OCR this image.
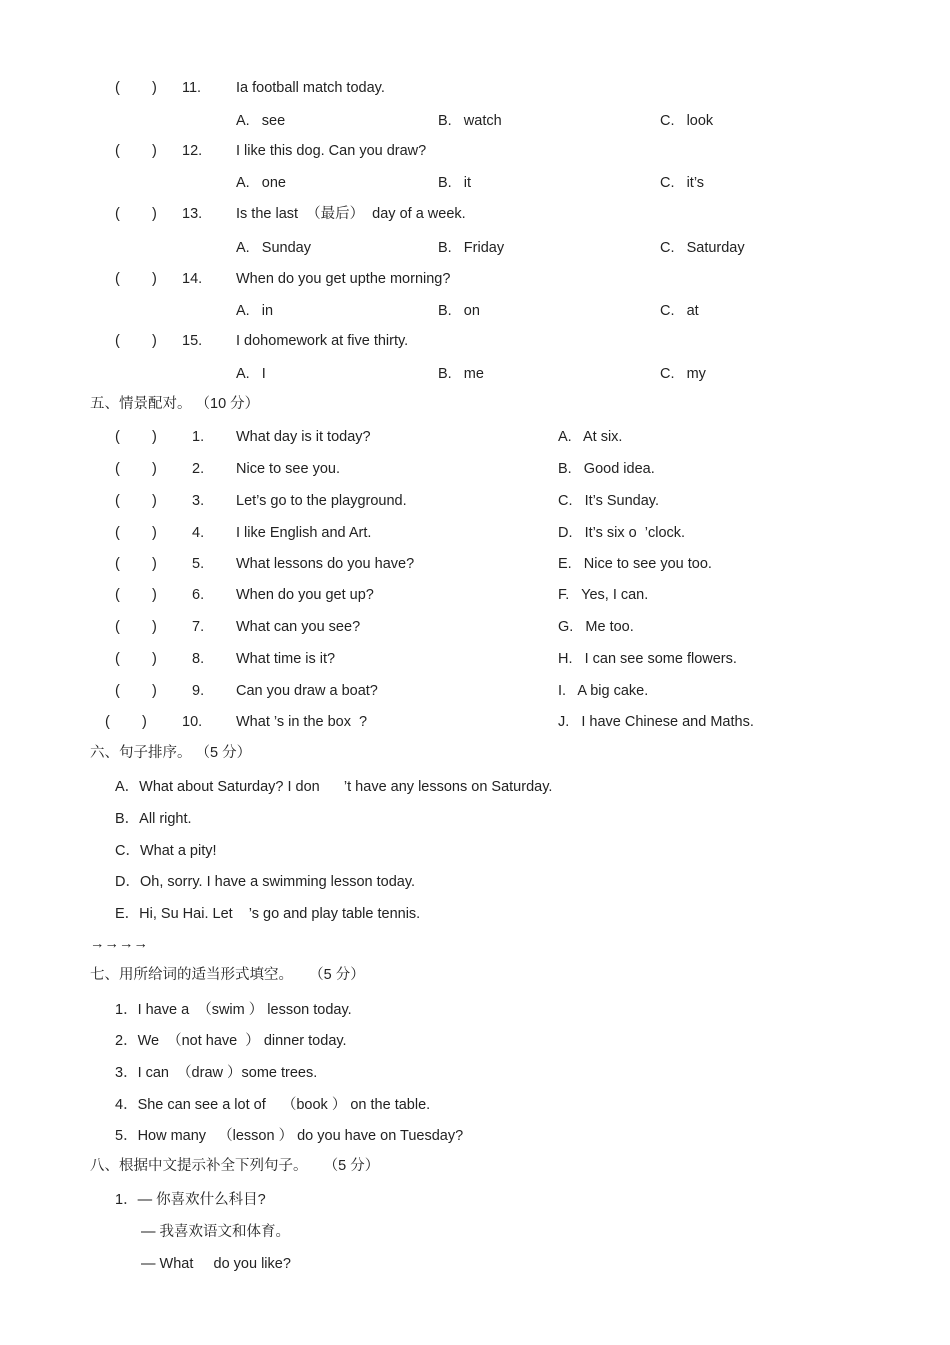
(        ) 11. Ia football match today.
A.   see	B.   watch	C.   look
(        ) 12. I like this dog. Can you draw?
A.   one	B.   it	C.   it’s
(        ) 13. Is the last  （最后）  day of a week.
A.   Sunday	B.   Friday	C.   Saturday
(        ) 14. When do you get upthe morning?
A.   in	B.   on	C.   at
(        ) 15. I dohomework at five thirty.
A.   I	B.   me	C.   my
五、情景配对。 （10 分）
(        ) 1. What day is it today?	A.   At six.
(        ) 2. Nice to see you.	B.   Good idea.
(        ) 3. Let’s go to the playground.	C.   It’s Sunday.
(        ) 4. I like English and Art.	D.   It’s six o  ’clock.
(        ) 5. What lessons do you have?	E.   Nice to see you too.
(        ) 6. When do you get up?	F.   Yes, I can.
(        ) 7. What can you see?	G.   Me too.
(        ) 8. What time is it?	H.   I can see some flowers.
(        ) 9. Can you draw a boat?	I.   A big cake.
(        ) 10. What ’s in the box  ?	J.   I have Chinese and Maths.
六、句子排序。 （5 分）
A．What about Saturday? I don      ’t have any lessons on Saturday.
B．All right.
C．What a pity!
D．Oh, sorry. I have a swimming lesson today.
E．Hi, Su Hai. Let    ’s go and play table tennis.
→→→→
七、用所给词的适当形式填空。    （5 分）
1．I have a  （swim ） lesson today.
2．We  （not have  ） dinner today.
3．I can  （draw ）some trees.
4．She can see a lot of    （book ） on the table.
5．How many   （lesson ） do you have on Tuesday?
八、根据中文提示补全下列句子。    （5 分）
1．— 你喜欢什么科目?
— 我喜欢语文和体育。
— What     do you like?
